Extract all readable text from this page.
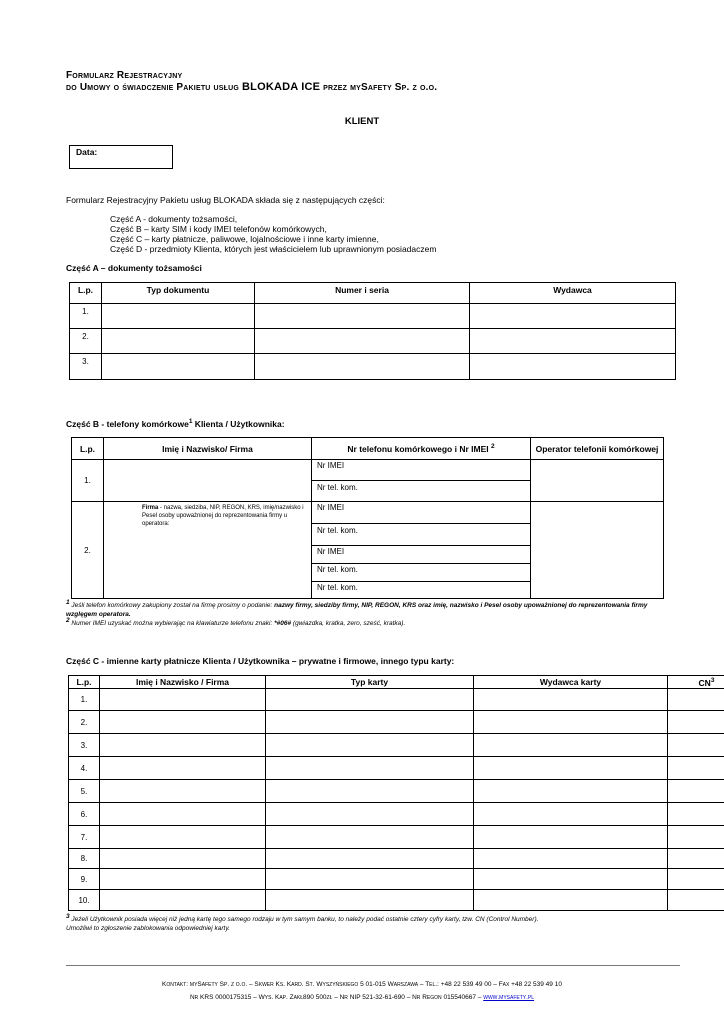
Formularz Rejestracyjny
do Umowy o świadczenie Pakietu usług BLOKADA ICE przez mySafety Sp. z o.o.
KLIENT
Data:
Formularz Rejestracyjny Pakietu usług BLOKADA składa się z następujących części:
Część A - dokumenty tożsamości,
Część B – karty SIM i kody IMEI telefonów komórkowych,
Część C – karty płatnicze, paliwowe, lojalnościowe i inne karty imienne,
Część D - przedmioty Klienta, których jest właścicielem lub uprawnionym posiadaczem
Część A – dokumenty tożsamości
L.p.	Typ dokumentu	Numer i seria	Wydawca
1.			
2.			
3.			
Część B - telefony komórkowe$^1$ Klienta / Użytkownika:
L.p.	Imię i Nazwisko/ Firma	Nr telefonu komórkowego i Nr IMEI $^2$	Operator telefonii komórkowej
1.		Nr IMEI
Nr tel. kom.	

2.	Firma - nazwa, siedziba, NIP, REGON, KRS, imię/nazwisko i Pesel osoby upoważnionej do reprezentowania firmy u operatora:	Nr IMEI
Nr tel. kom.
Nr IMEI
Nr tel. kom.
Nr tel. kom.	

$^1$ Jeśli telefon komórkowy zakupiony został na firmę prosimy o podanie: nazwy firmy, siedziby firmy, NIP, REGON, KRS oraz imię, nazwisko i Pesel osoby upoważnionej do reprezentowania firmy wzglęgem operatora.
$^2$ Numer IMEI uzyskać można wybierając na klawiaturze telefonu znaki: *#06# (gwiazdka, kratka, zero, sześć, kratka).
Część C - imienne karty płatnicze Klienta / Użytkownika – prywatne i firmowe, innego typu karty:
L.p.	Imię i Nazwisko / Firma	Typ karty	Wydawca karty	$CN^3$
1.				
2.				
3.				
4.				
5.				
6.				
7.				
8.				
9.				
10.				
$^3$ Jeżeli Użytkownik posiada więcej niż jedną kartę tego samego rodzaju w tym samym banku, to należy podać ostatnie cztery cyfry karty, tzw. CN (Control Number).
Umożliwi to zgłoszenie zablokowania odpowiedniej karty.
Kontakt: mySafety Sp. z o.o. – Skwer Ks. Kard. St. Wyszyńskiego 5 01-015 Warszawa – Tel.: +48 22 539 49 00 – Fax +48 22 539 49 10
Nr KRS 0000175315 – Wys. Kap. Zakł890 500zł – Nr NIP 521-32-61-690 – Nr Regon 015540667 – www.mysafety.pl
